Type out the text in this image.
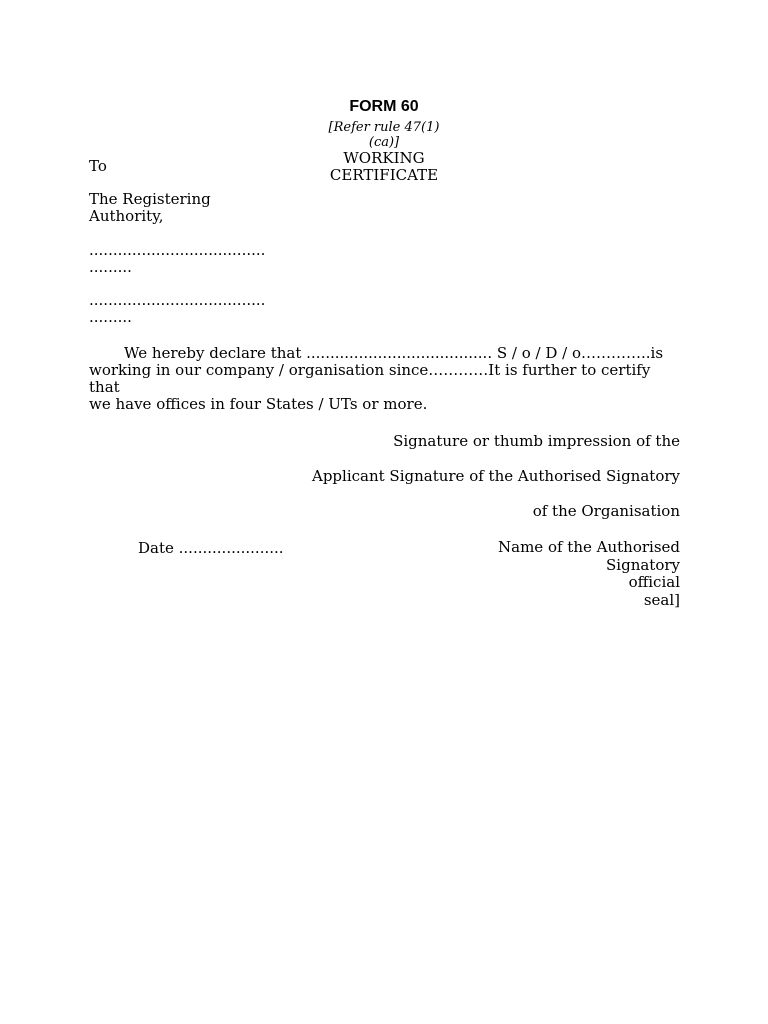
FORM 60
[Refer rule 47(1)
(ca)]
WORKING
CERTIFICATE
To
The Registering
Authority,
.....................................
.........
.....................................
.........
We hereby declare that ....................................... S / o / D / o…………..is
working in our company / organisation since…………It is further to certify
that
we have offices in four States / UTs or more.
Signature or thumb impression of the
Applicant Signature of the Authorised Signatory
of the Organisation
Date ......................	Name of the Authorised
Signatory
official
seal]
